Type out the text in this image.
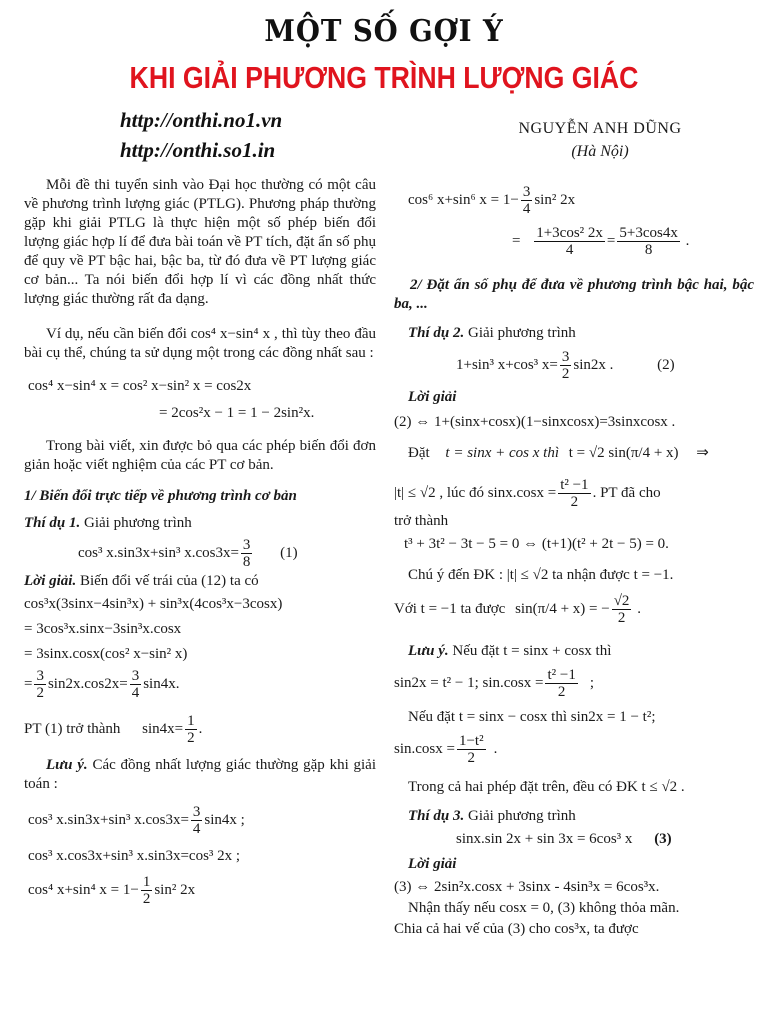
MỘT SỐ GỢI Ý
KHI GIẢI PHƯƠNG TRÌNH LƯỢNG GIÁC
http://onthi.no1.vn
http://onthi.so1.in
NGUYỄN ANH DŨNG
(Hà Nội)

Mỗi đề thi tuyển sinh vào Đại học thường có một câu về phương trình lượng giác (PTLG). Phương pháp thường gặp khi giải PTLG là thực hiện một số phép biến đổi lượng giác hợp lí để đưa bài toán về PT tích, đặt ẩn số phụ để quy về PT bậc hai, bậc ba, từ đó đưa về PT lượng giác cơ bản... Ta nói biến đổi hợp lí vì các đồng nhất thức lượng giác thường rất đa dạng.

Ví dụ, nếu cần biến đổi cos⁴ x−sin⁴ x , thì tùy theo đầu bài cụ thể, chúng ta sử dụng một trong các đồng nhất sau :

cos⁴ x−sin⁴ x = cos² x−sin² x = cos2x
= 2cos²x − 1 = 1 − 2sin²x.

Trong bài viết, xin được bỏ qua các phép biến đổi đơn giản hoặc viết nghiệm của các PT cơ bản.

1/ Biến đổi trực tiếp về phương trình cơ bản
Thí dụ 1. Giải phương trình
cos³ x.sin3x+sin³ $x.\cos 3x= \frac{3}{8} (1)$
Lời giải. Biến đổi vế trái của (12) ta có
cos³x(3sinx−4sin³x) + sin³x(4cos³x−3cosx)
= 3cos³x.sinx−3sin³x.cosx
= 3sinx.cosx(cos² x−sin² x)
= $\frac{3}{2} \sin 2x.\cos 2x= \frac{3}{4} \sin 4x$.
PT (1) trở thành $\sin 4x= \frac{1}{2}$ .

Lưu ý. Các đồng nhất lượng giác thường gặp khi giải toán :

cos³ x.sin3x+sin³ $x.\cos 3x= \frac{3}{4} \sin 4x$ ;
cos³ x.cos3x+sin³ x.sin3x=cos³ 2x ;
cos⁴ x+sin⁴ $x = 1- \frac{1}{2} \sin^2$ 2x
cos⁶ x+sin⁶ $x = 1- \frac{3}{4} \sin^2$ 2x
= $\frac{\text{1+3cos² 2x}}{4} = \frac{5+3\cos 4x}{8}$ .
2/ Đặt ẩn số phụ để đưa về phương trình bậc hai, bậc ba, ...
Thí dụ 2. Giải phương trình
1+sin³ x+cos³ $x= \frac{3}{2} \sin 2x$ .	(2)
Lời giải
(2) ⇔ 1+(sinx+cosx)(1−sinxcosx)=3sinxcosx .
Đặt t = sinx + cos x thì t = √2 sin(π/4 + x) ⇒
|t| ≤ √2 , lúc đó $\sin x.\cos x = \frac{\text{t² −1}}{2}$ . PT đã cho
trở thành
t³ + 3t² − 3t − 5 = 0 ⇔ (t+1)(t² + 2t − 5) = 0.
Chú ý đến ĐK : |t| ≤ √2 ta nhận được t = −1.
Với t = −1 ta được sin(π/4 + x) = − $\frac{√2}{2}$ .
Lưu ý. Nếu đặt t = sinx + cosx thì
sin2x = t² − 1; $\sin.\cos x = \frac{\text{t² −1}}{2}$ ;
Nếu đặt t = sinx − cosx thì sin2x = 1 − t²;
$\sin.\cos x = \frac{\text{1−t²}}{2}$ .
Trong cả hai phép đặt trên, đều có ĐK t ≤ √2 .
Thí dụ 3. Giải phương trình
sinx.sin 2x + sin 3x = 6cos³ x (3)
Lời giải
(3) ⇔ 2sin²x.cosx + 3sinx - 4sin³x = 6cos³x.
Nhận thấy nếu cosx = 0, (3) không thỏa mãn.
Chia cả hai vế của (3) cho cos³x, ta được
